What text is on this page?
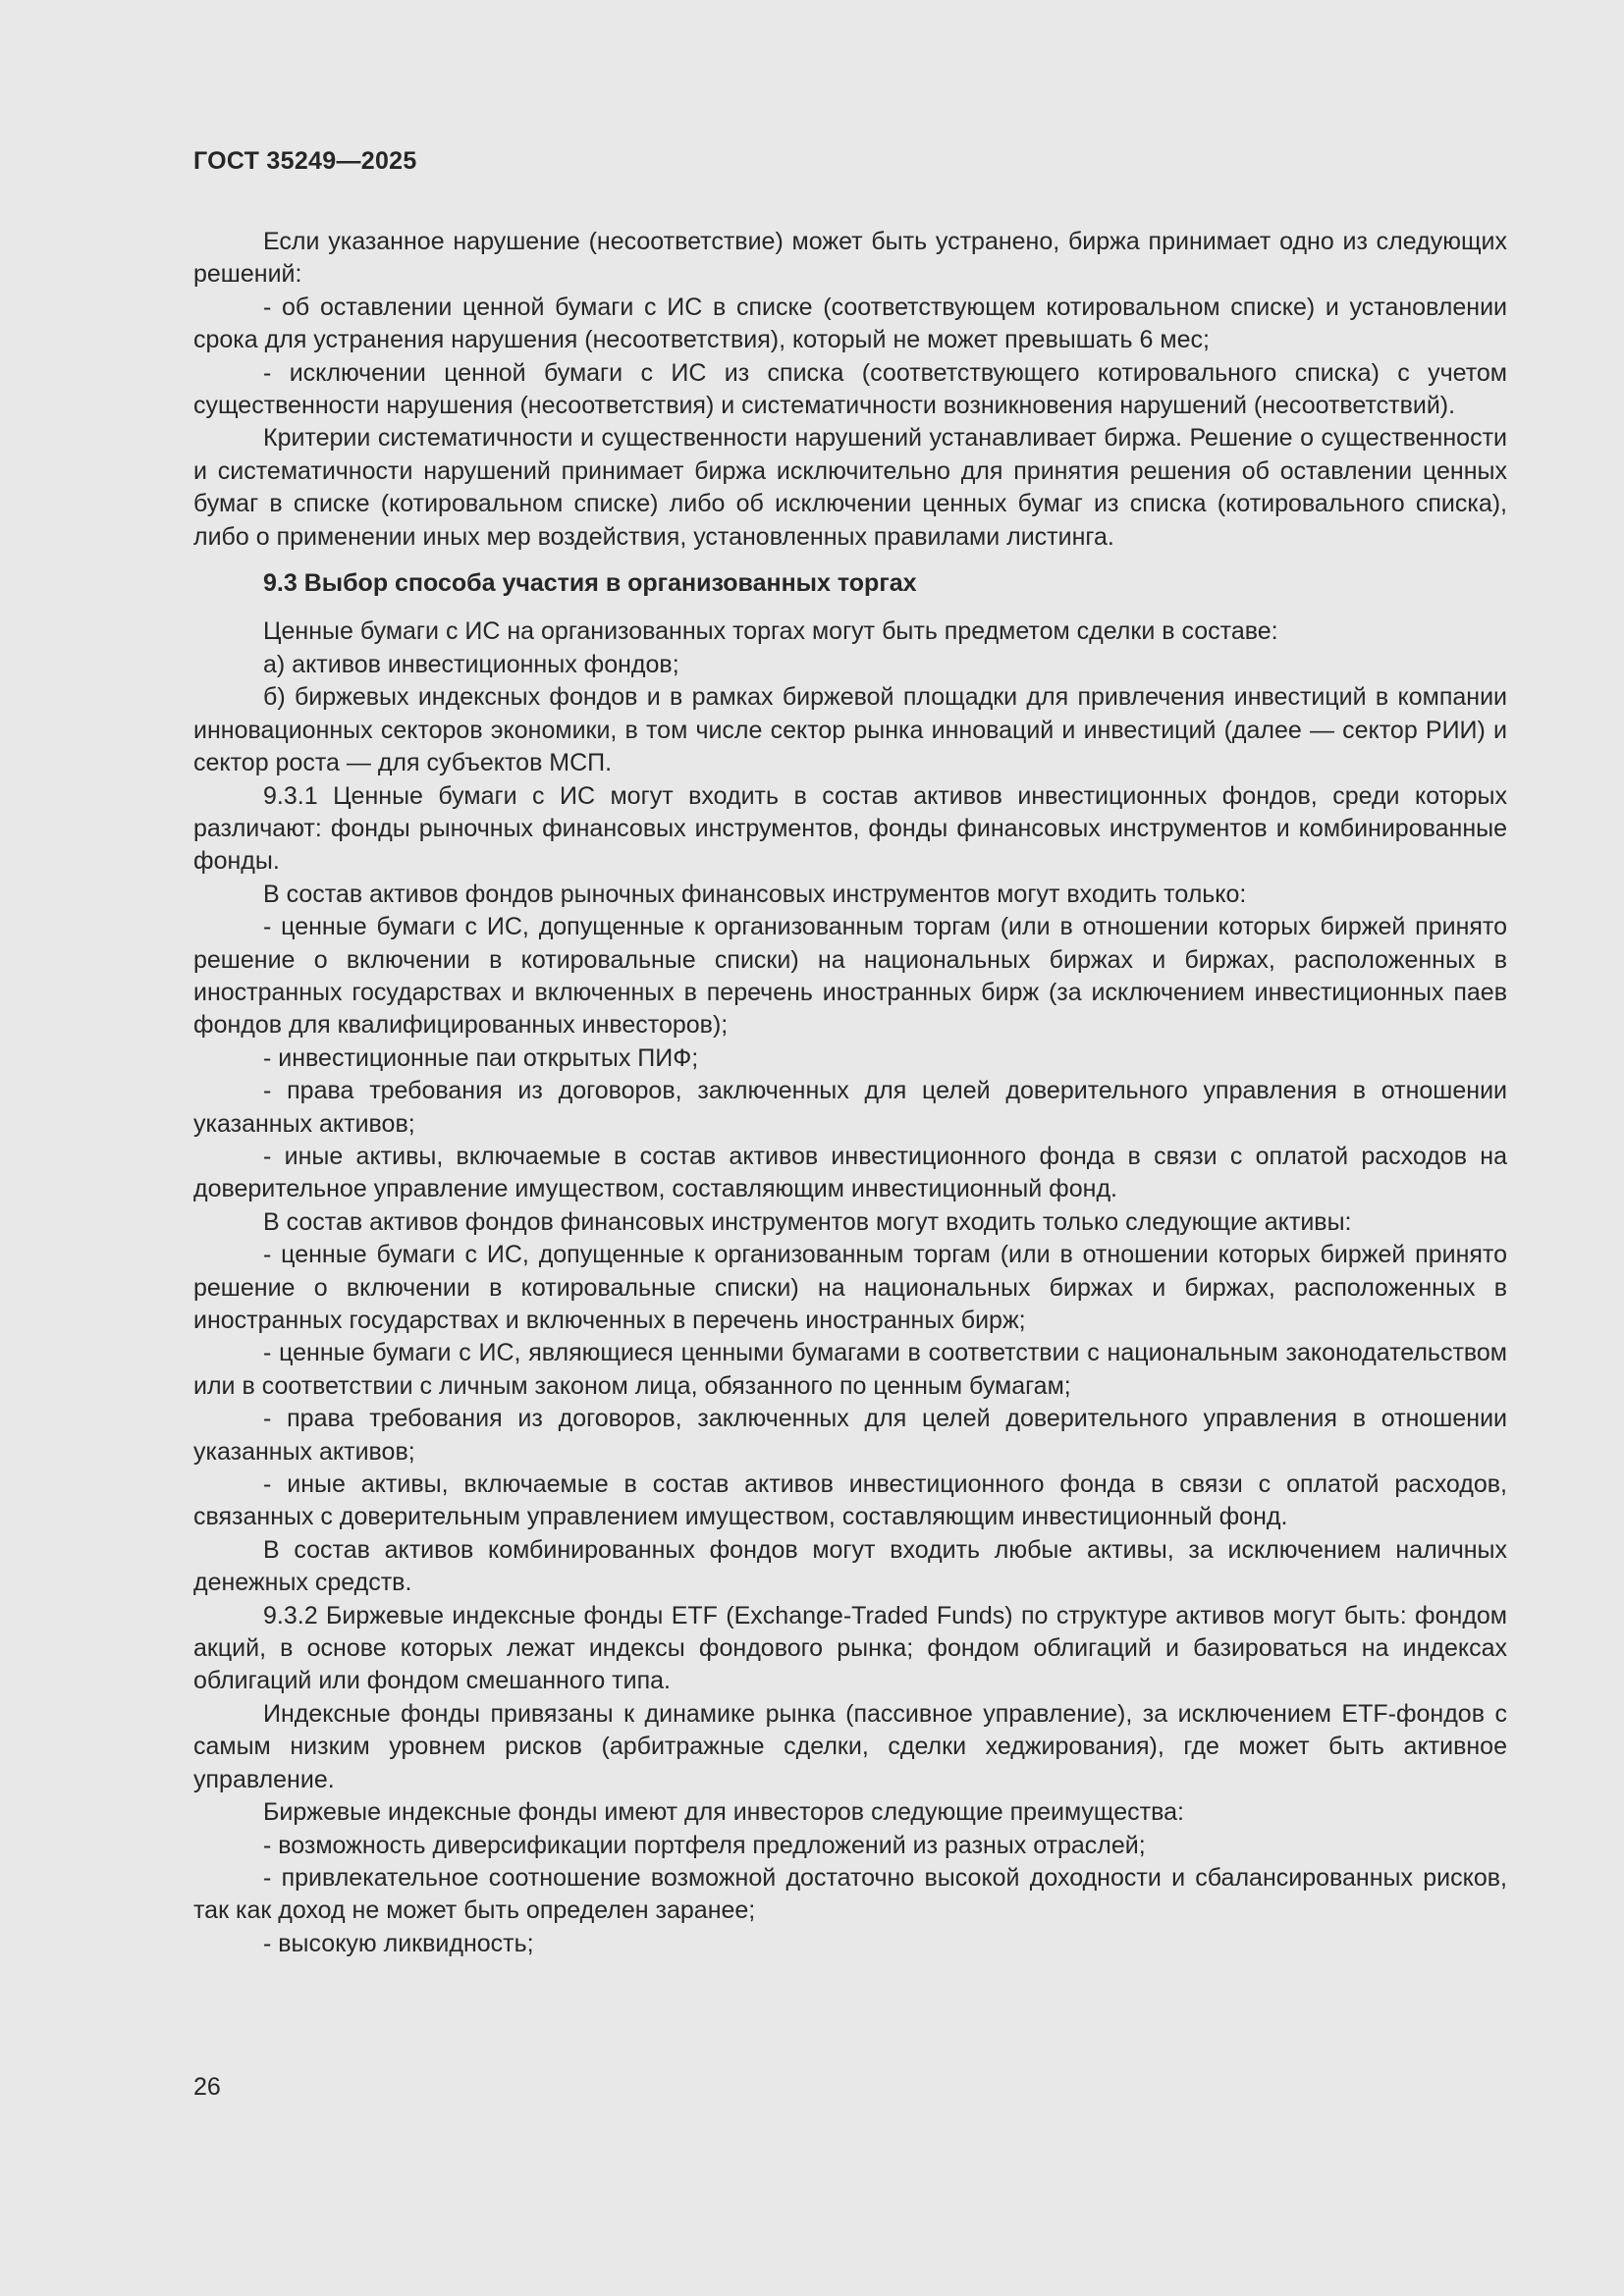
ГОСТ 35249—2025

Если указанное нарушение (несоответствие) может быть устранено, биржа принимает одно из следующих решений:

- об оставлении ценной бумаги с ИС в списке (соответствующем котировальном списке) и установлении срока для устранения нарушения (несоответствия), который не может превышать 6 мес;

- исключении ценной бумаги с ИС из списка (соответствующего котировального списка) с учетом существенности нарушения (несоответствия) и систематичности возникновения нарушений (несоответствий).

Критерии систематичности и существенности нарушений устанавливает биржа. Решение о существенности и систематичности нарушений принимает биржа исключительно для принятия решения об оставлении ценных бумаг в списке (котировальном списке) либо об исключении ценных бумаг из списка (котировального списка), либо о применении иных мер воздействия, установленных правилами листинга.

9.3 Выбор способа участия в организованных торгах

Ценные бумаги с ИС на организованных торгах могут быть предметом сделки в составе:

а) активов инвестиционных фондов;

б) биржевых индексных фондов и в рамках биржевой площадки для привлечения инвестиций в компании инновационных секторов экономики, в том числе сектор рынка инноваций и инвестиций (далее — сектор РИИ) и сектор роста — для субъектов МСП.

9.3.1 Ценные бумаги с ИС могут входить в состав активов инвестиционных фондов, среди которых различают: фонды рыночных финансовых инструментов, фонды финансовых инструментов и комбинированные фонды.

В состав активов фондов рыночных финансовых инструментов могут входить только:

- ценные бумаги с ИС, допущенные к организованным торгам (или в отношении которых биржей принято решение о включении в котировальные списки) на национальных биржах и биржах, расположенных в иностранных государствах и включенных в перечень иностранных бирж (за исключением инвестиционных паев фондов для квалифицированных инвесторов);

- инвестиционные паи открытых ПИФ;

- права требования из договоров, заключенных для целей доверительного управления в отношении указанных активов;

- иные активы, включаемые в состав активов инвестиционного фонда в связи с оплатой расходов на доверительное управление имуществом, составляющим инвестиционный фонд.

В состав активов фондов финансовых инструментов могут входить только следующие активы:

- ценные бумаги с ИС, допущенные к организованным торгам (или в отношении которых биржей принято решение о включении в котировальные списки) на национальных биржах и биржах, расположенных в иностранных государствах и включенных в перечень иностранных бирж;

- ценные бумаги с ИС, являющиеся ценными бумагами в соответствии с национальным законодательством или в соответствии с личным законом лица, обязанного по ценным бумагам;

- права требования из договоров, заключенных для целей доверительного управления в отношении указанных активов;

- иные активы, включаемые в состав активов инвестиционного фонда в связи с оплатой расходов, связанных с доверительным управлением имуществом, составляющим инвестиционный фонд.

В состав активов комбинированных фондов могут входить любые активы, за исключением наличных денежных средств.

9.3.2 Биржевые индексные фонды ETF (Exchange-Traded Funds) по структуре активов могут быть: фондом акций, в основе которых лежат индексы фондового рынка; фондом облигаций и базироваться на индексах облигаций или фондом смешанного типа.

Индексные фонды привязаны к динамике рынка (пассивное управление), за исключением ETF-фондов с самым низким уровнем рисков (арбитражные сделки, сделки хеджирования), где может быть активное управление.

Биржевые индексные фонды имеют для инвесторов следующие преимущества:

- возможность диверсификации портфеля предложений из разных отраслей;

- привлекательное соотношение возможной достаточно высокой доходности и сбалансированных рисков, так как доход не может быть определен заранее;

- высокую ликвидность;

26
